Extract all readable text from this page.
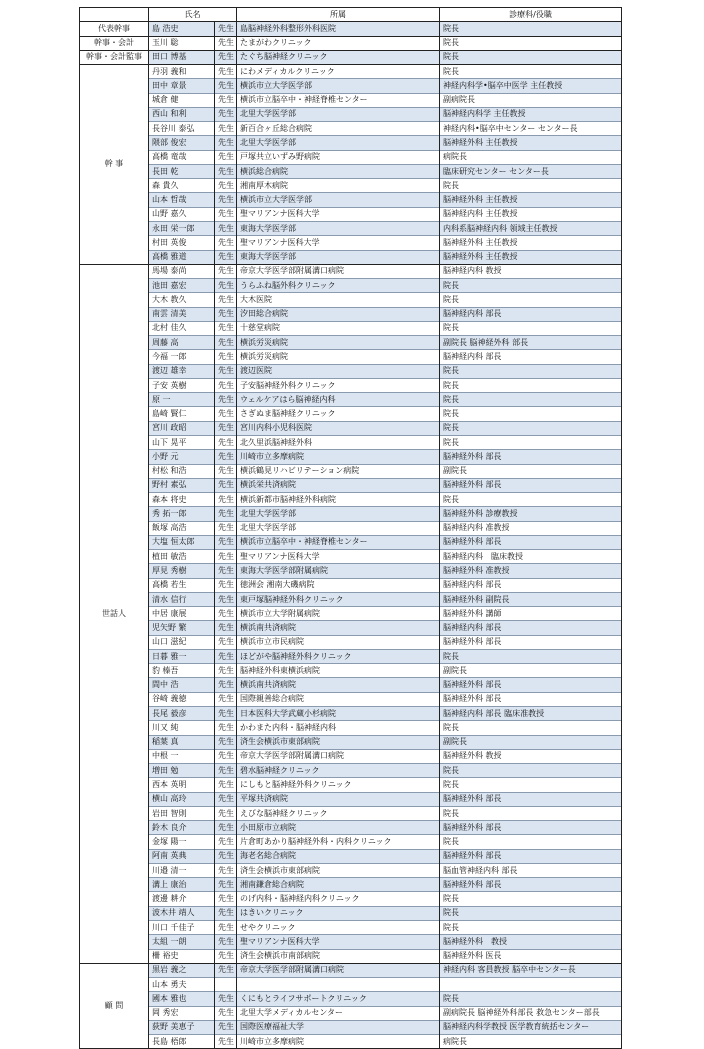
	氏名		所属	診療科/役職
代表幹事	島 浩史	先生	島脳神経外科整形外科医院	院長
幹事・会計	玉川 聡	先生	たまがわクリニック	院長
幹事・会計監事	田口 博基	先生	たぐち脳神経クリニック	院長
幹 事	丹羽 義和	先生	にわメディカルクリニック	院長
	田中 章景	先生	横浜市立大学医学部	神経内科学•脳卒中医学 主任教授
	城倉 健	先生	横浜市立脳卒中・神経脊椎センター	副病院長
	西山 和利	先生	北里大学医学部	脳神経内科学 主任教授
	長谷川 泰弘	先生	新百合ヶ丘総合病院	神経内科•脳卒中センター センター長
	隈部 俊宏	先生	北里大学医学部	脳神経外科 主任教授
	高橋 竜哉	先生	戸塚共立いずみ野病院	病院長
	長田 乾	先生	横浜総合病院	臨床研究センター センター長
	森 貴久	先生	湘南厚木病院	院長
	山本 哲哉	先生	横浜市立大学医学部	脳神経外科 主任教授
	山野 嘉久	先生	聖マリアンナ医科大学	脳神経内科 主任教授
	永田 栄一郎	先生	東海大学医学部	内科系脳神経内科 領域主任教授
	村田 英俊	先生	聖マリアンナ医科大学	脳神経外科 主任教授
	高橋 雅道	先生	東海大学医学部	脳神経外科 主任教授
世話人	馬場 泰尚	先生	帝京大学医学部附属溝口病院	脳神経内科 教授
	池田 嘉宏	先生	うらふね脳外科クリニック	院長
	大木 教久	先生	大木医院	院長
	南雲 清美	先生	汐田総合病院	脳神経内科 部長
	北村 佳久	先生	十慈堂病院	院長
	周藤 高	先生	横浜労災病院	副院長 脳神経外科 部長
	今福 一郎	先生	横浜労災病院	脳神経内科 部長
	渡辺 雄幸	先生	渡辺医院	院長
	子安 英樹	先生	子安脳神経外科クリニック	院長
	原 一	先生	ウェルケアはら脳神経内科	院長
	島崎 賢仁	先生	さぎぬま脳神経クリニック	院長
	宮川 政昭	先生	宮川内科小児科医院	院長
	山下 晃平	先生	北久里浜脳神経外科	院長
	小野 元	先生	川崎市立多摩病院	脳神経外科 部長
	村松 和浩	先生	横浜鶴見リハビリテーション病院	副院長
	野村 素弘	先生	横浜栄共済病院	脳神経外科 部長
	森本 将史	先生	横浜新都市脳神経外科病院	院長
	秀 拓一郎	先生	北里大学医学部	脳神経外科 診療教授
	飯塚 高浩	先生	北里大学医学部	脳神経内科 准教授
	大塩 恒太郎	先生	横浜市立脳卒中・神経脊椎センター	脳神経外科 部長
	植田 敏浩	先生	聖マリアンナ医科大学	脳神経内科　臨床教授
	厚見 秀樹	先生	東海大学医学部附属病院	脳神経外科 准教授
	高橋 若生	先生	徳洲会 湘南大磯病院	脳神経内科 部長
	清水 信行	先生	東戸塚脳神経外科クリニック	脳神経外科 副院長
	中居 康展	先生	横浜市立大学附属病院	脳神経外科 講師
	児矢野 繁	先生	横浜南共済病院	脳神経内科 部長
	山口 滋紀	先生	横浜市立市民病院	脳神経外科 部長
	日暮 雅一	先生	ほどがや脳神経外科クリニック	院長
	豹 榛吾	先生	脳神経外科東横浜病院	副院長
	間中 浩	先生	横浜南共済病院	脳神経外科 部長
	谷崎 義徳	先生	国際親善総合病院	脳神経外科 部長
	長尾 毅彦	先生	日本医科大学武蔵小杉病院	脳神経内科 部長 臨床准教授
	川又 純	先生	かわまた内科・脳神経内科	院長
	稲葉 真	先生	済生会横浜市東部病院	副院長
	中根 一	先生	帝京大学医学部附属溝口病院	脳神経外科 教授
	増田 勉	先生	碧水脳神経クリニック	院長
	西本 英明	先生	にしもと脳神経外科クリニック	院長
	横山 高玲	先生	平塚共済病院	脳神経外科 部長
	岩田 智則	先生	えびな脳神経クリニック	院長
	鈴木 良介	先生	小田原市立病院	脳神経外科 部長
	金塚 陽一	先生	片倉町あかり脳神経外科・内科クリニック	院長
	阿南 英典	先生	海老名総合病院	脳神経外科 部長
	川邉 清一	先生	済生会横浜市東部病院	脳血管神経内科 部長
	溝上 康治	先生	湘南鎌倉総合病院	脳神経外科 部長
	渡邊 耕介	先生	のげ内科・脳神経内科クリニック	院長
	波木井 靖人	先生	はきいクリニック	院長
	川口 千佳子	先生	せやクリニック	院長
	太組 一朗	先生	聖マリアンナ医科大学	脳神経外科　教授
	柵 裕史	先生	済生会横浜市南部病院	脳神経外科 医長
顧 問	黒岩 義之	先生	帝京大学医学部附属溝口病院	神経内科 客員教授 脳卒中センター長
	山本 勇夫			
	國本 雅也	先生	くにもとライフサポートクリニック	院長
	岡 秀宏	先生	北里大学メディカルセンター	副病院長 脳神経外科部長 救急センター部長
	荻野 美恵子	先生	国際医療福祉大学	脳神経内科学教授 医学教育統括センター
	長島 梧郎	先生	川崎市立多摩病院	病院長
